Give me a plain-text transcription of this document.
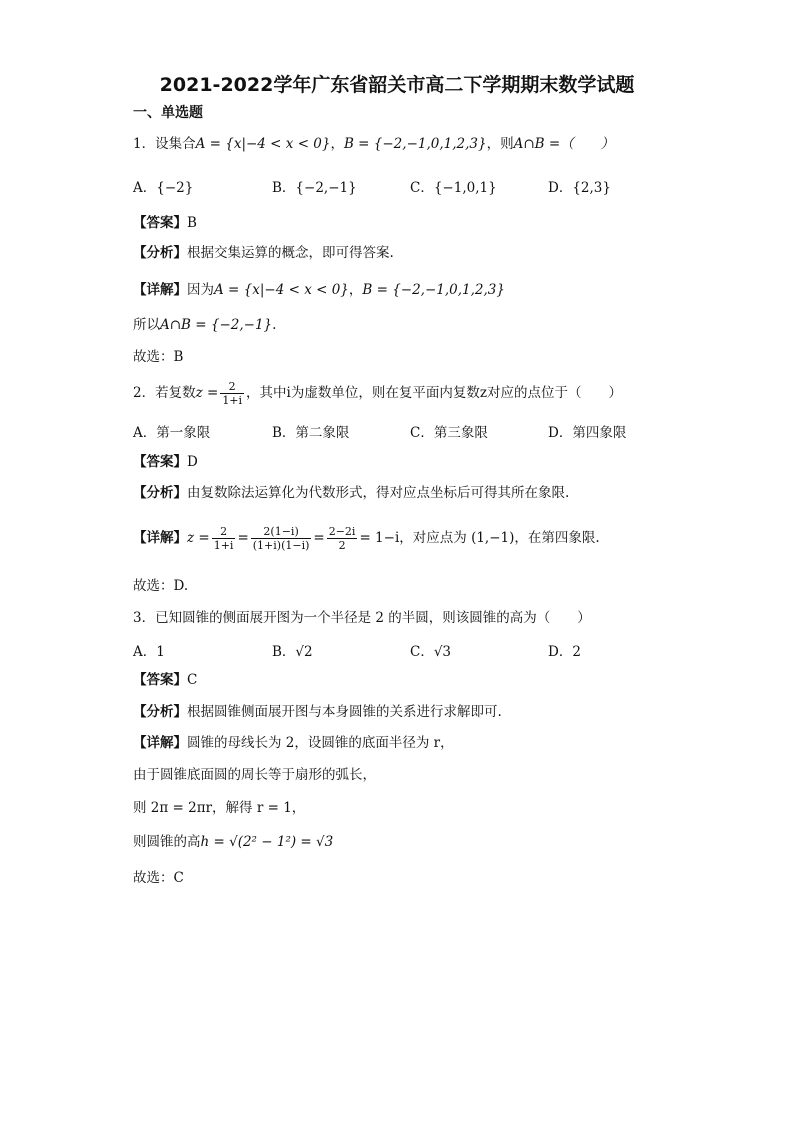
2021-2022学年广东省韶关市高二下学期期末数学试题
一、单选题
1．设集合A = {x|−4 < x < 0}，B = {−2,−1,0,1,2,3}，则A∩B =（　　）
A．{−2}	B．{−2,−1}	C．{−1,0,1}	D．{2,3}
【答案】B
【分析】根据交集运算的概念，即可得答案.
【详解】因为A = {x|−4 < x < 0}，B = {−2,−1,0,1,2,3}
所以A∩B = {−2,−1}.
故选：B
2．若复数$z = \frac{2}{1+i}$ ，其中i为虚数单位，则在复平面内复数z对应的点位于（　　）
A．第一象限	B．第二象限	C．第三象限	D．第四象限
【答案】D
【分析】由复数除法运算化为代数形式，得对应点坐标后可得其所在象限.
【详解】$z = \frac{2}{1+i} = \frac{2(1-i)}{(1+i)(1-i)} = \frac{2-2i}{2} = 1-i$，对应点为 (1,−1)，在第四象限.
故选：D.
3．已知圆锥的侧面展开图为一个半径是 2 的半圆，则该圆锥的高为（　　）
A．1	B．√2	C．√3	D．2
【答案】C
【分析】根据圆锥侧面展开图与本身圆锥的关系进行求解即可.
【详解】圆锥的母线长为 2，设圆锥的底面半径为 r，
由于圆锥底面圆的周长等于扇形的弧长，
则 2π = 2πr，解得 r = 1，
则圆锥的高h = √(2² − 1²) = √3
故选：C
